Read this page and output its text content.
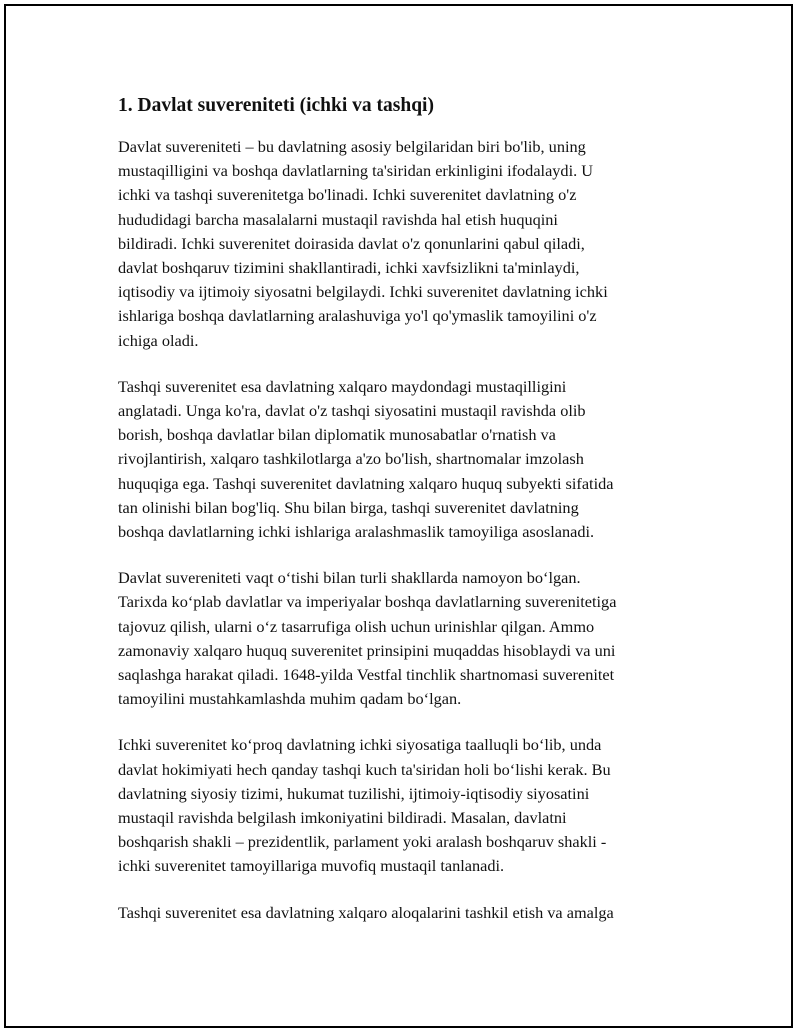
1. Davlat suvereniteti (ichki va tashqi)
Davlat suvereniteti – bu davlatning asosiy belgilaridan biri bo'lib, uning
mustaqilligini va boshqa davlatlarning ta'siridan erkinligini ifodalaydi. U
ichki va tashqi suverenitetga bo'linadi. Ichki suverenitet davlatning o'z
hududidagi barcha masalalarni mustaqil ravishda hal etish huquqini
bildiradi. Ichki suverenitet doirasida davlat o'z qonunlarini qabul qiladi,
davlat boshqaruv tizimini shakllantiradi, ichki xavfsizlikni ta'minlaydi,
iqtisodiy va ijtimoiy siyosatni belgilaydi. Ichki suverenitet davlatning ichki
ishlariga boshqa davlatlarning aralashuviga yo'l qo'ymaslik tamoyilini o'z
ichiga oladi.
Tashqi suverenitet esa davlatning xalqaro maydondagi mustaqilligini
anglatadi. Unga ko'ra, davlat o'z tashqi siyosatini mustaqil ravishda olib
borish, boshqa davlatlar bilan diplomatik munosabatlar o'rnatish va
rivojlantirish, xalqaro tashkilotlarga a'zo bo'lish, shartnomalar imzolash
huquqiga ega. Tashqi suverenitet davlatning xalqaro huquq subyekti sifatida
tan olinishi bilan bog'liq. Shu bilan birga, tashqi suverenitet davlatning
boshqa davlatlarning ichki ishlariga aralashmaslik tamoyiliga asoslanadi.
Davlat suvereniteti vaqt o‘tishi bilan turli shakllarda namoyon bo‘lgan.
Tarixda ko‘plab davlatlar va imperiyalar boshqa davlatlarning suverenitetiga
tajovuz qilish, ularni o‘z tasarrufiga olish uchun urinishlar qilgan. Ammo
zamonaviy xalqaro huquq suverenitet prinsipini muqaddas hisoblaydi va uni
saqlashga harakat qiladi. 1648-yilda Vestfal tinchlik shartnomasi suverenitet
tamoyilini mustahkamlashda muhim qadam bo‘lgan.
Ichki suverenitet ko‘proq davlatning ichki siyosatiga taalluqli bo‘lib, unda
davlat hokimiyati hech qanday tashqi kuch ta'siridan holi bo‘lishi kerak. Bu
davlatning siyosiy tizimi, hukumat tuzilishi, ijtimoiy-iqtisodiy siyosatini
mustaqil ravishda belgilash imkoniyatini bildiradi. Masalan, davlatni
boshqarish shakli – prezidentlik, parlament yoki aralash boshqaruv shakli -
ichki suverenitet tamoyillariga muvofiq mustaqil tanlanadi.
Tashqi suverenitet esa davlatning xalqaro aloqalarini tashkil etish va amalga
